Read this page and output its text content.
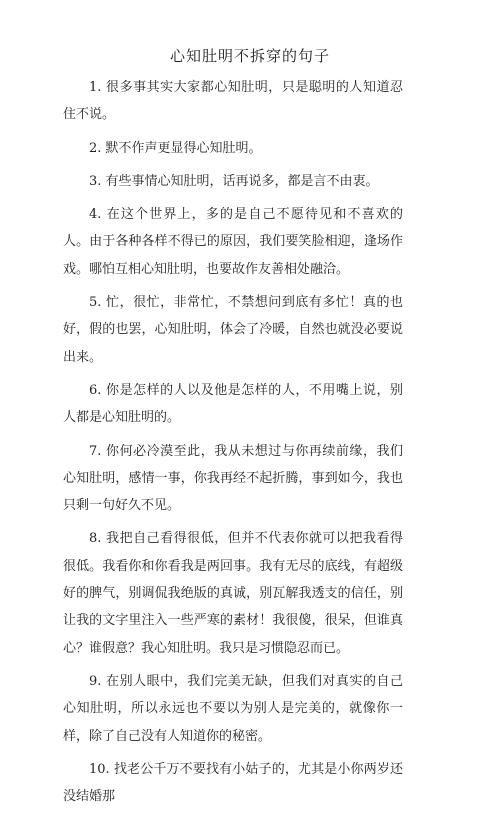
心知肚明不拆穿的句子

1. 很多事其实大家都心知肚明，只是聪明的人知道忍住不说。

2. 默不作声更显得心知肚明。

3. 有些事情心知肚明，话再说多，都是言不由衷。

4. 在这个世界上，多的是自己不愿待见和不喜欢的人。由于各种各样不得已的原因，我们要笑脸相迎，逢场作戏。哪怕互相心知肚明，也要故作友善相处融洽。

5. 忙，很忙，非常忙，不禁想问到底有多忙！真的也好，假的也罢，心知肚明，体会了冷暖，自然也就没必要说出来。

6. 你是怎样的人以及他是怎样的人，不用嘴上说，别人都是心知肚明的。

7. 你何必冷漠至此，我从未想过与你再续前缘，我们心知肚明，感情一事，你我再经不起折腾，事到如今，我也只剩一句好久不见。

8. 我把自己看得很低，但并不代表你就可以把我看得很低。我看你和你看我是两回事。我有无尽的底线，有超级好的脾气，别调侃我绝版的真诚，别瓦解我透支的信任，别让我的文字里注入一些严寒的素材！我很傻，很呆，但谁真心？谁假意？我心知肚明。我只是习惯隐忍而已。

9. 在别人眼中，我们完美无缺，但我们对真实的自己心知肚明，所以永远也不要以为别人是完美的，就像你一样，除了自己没有人知道你的秘密。

10. 找老公千万不要找有小姑子的，尤其是小你两岁还没结婚那
